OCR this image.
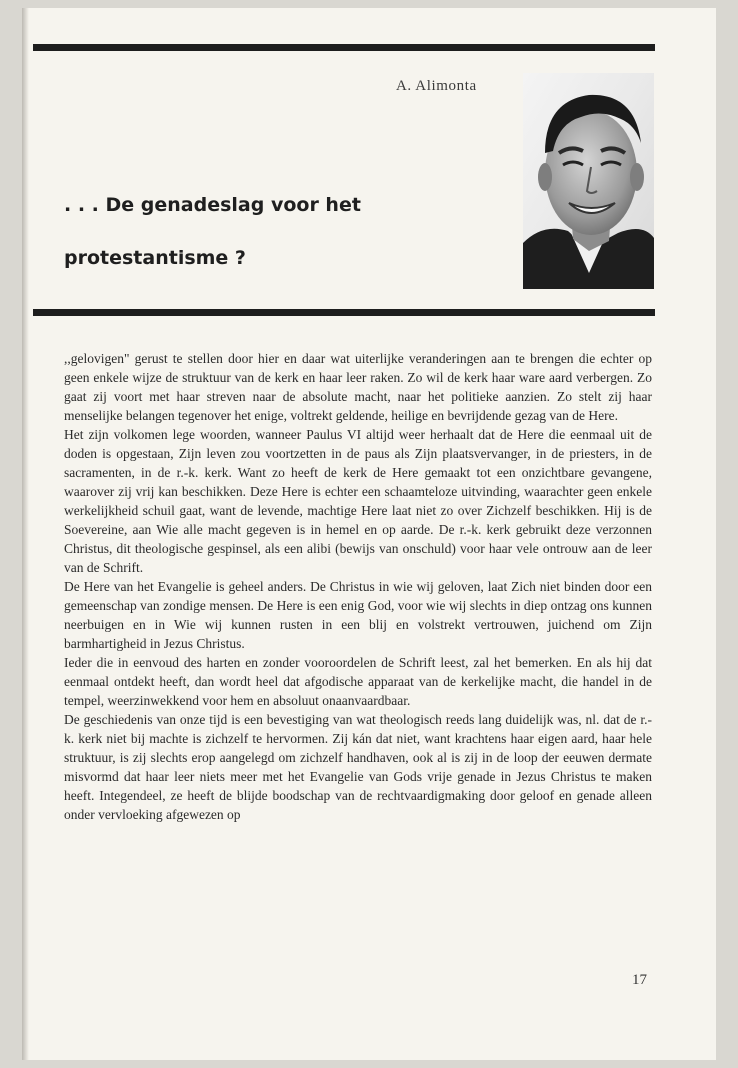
A. Alimonta
. . . De genadeslag voor het
protestantisme ?

,,gelovigen" gerust te stellen door hier en daar wat uiterlijke veranderingen aan te brengen die echter op geen enkele wijze de struktuur van de kerk en haar leer raken. Zo wil de kerk haar ware aard verbergen. Zo gaat zij voort met haar streven naar de absolute macht, naar het politieke aanzien. Zo stelt zij haar menselijke belangen tegenover het enige, voltrekt geldende, heilige en bevrijdende gezag van de Here.

Het zijn volkomen lege woorden, wanneer Paulus VI altijd weer herhaalt dat de Here die eenmaal uit de doden is opgestaan, Zijn leven zou voortzetten in de paus als Zijn plaatsvervanger, in de priesters, in de sacramenten, in de r.-k. kerk. Want zo heeft de kerk de Here gemaakt tot een onzichtbare gevangene, waarover zij vrij kan beschikken. Deze Here is echter een schaamteloze uitvinding, waarachter geen enkele werkelijkheid schuil gaat, want de levende, machtige Here laat niet zo over Zichzelf beschikken. Hij is de Soevereine, aan Wie alle macht gegeven is in hemel en op aarde. De r.-k. kerk gebruikt deze verzonnen Christus, dit theologische gespinsel, als een alibi (bewijs van onschuld) voor haar vele ontrouw aan de leer van de Schrift.

De Here van het Evangelie is geheel anders. De Christus in wie wij geloven, laat Zich niet binden door een gemeenschap van zondige mensen. De Here is een enig God, voor wie wij slechts in diep ontzag ons kunnen neerbuigen en in Wie wij kunnen rusten in een blij en volstrekt vertrouwen, juichend om Zijn barmhartigheid in Jezus Christus.

Ieder die in eenvoud des harten en zonder vooroordelen de Schrift leest, zal het bemerken. En als hij dat eenmaal ontdekt heeft, dan wordt heel dat afgodische apparaat van de kerkelijke macht, die handel in de tempel, weerzinwekkend voor hem en absoluut onaanvaardbaar.

De geschiedenis van onze tijd is een bevestiging van wat theologisch reeds lang duidelijk was, nl. dat de r.-k. kerk niet bij machte is zichzelf te hervormen. Zij kán dat niet, want krachtens haar eigen aard, haar hele struktuur, is zij slechts erop aangelegd om zichzelf handhaven, ook al is zij in de loop der eeuwen dermate misvormd dat haar leer niets meer met het Evangelie van Gods vrije genade in Jezus Christus te maken heeft. Integendeel, ze heeft de blijde boodschap van de rechtvaardigmaking door geloof en genade alleen onder vervloeking afgewezen op

17
